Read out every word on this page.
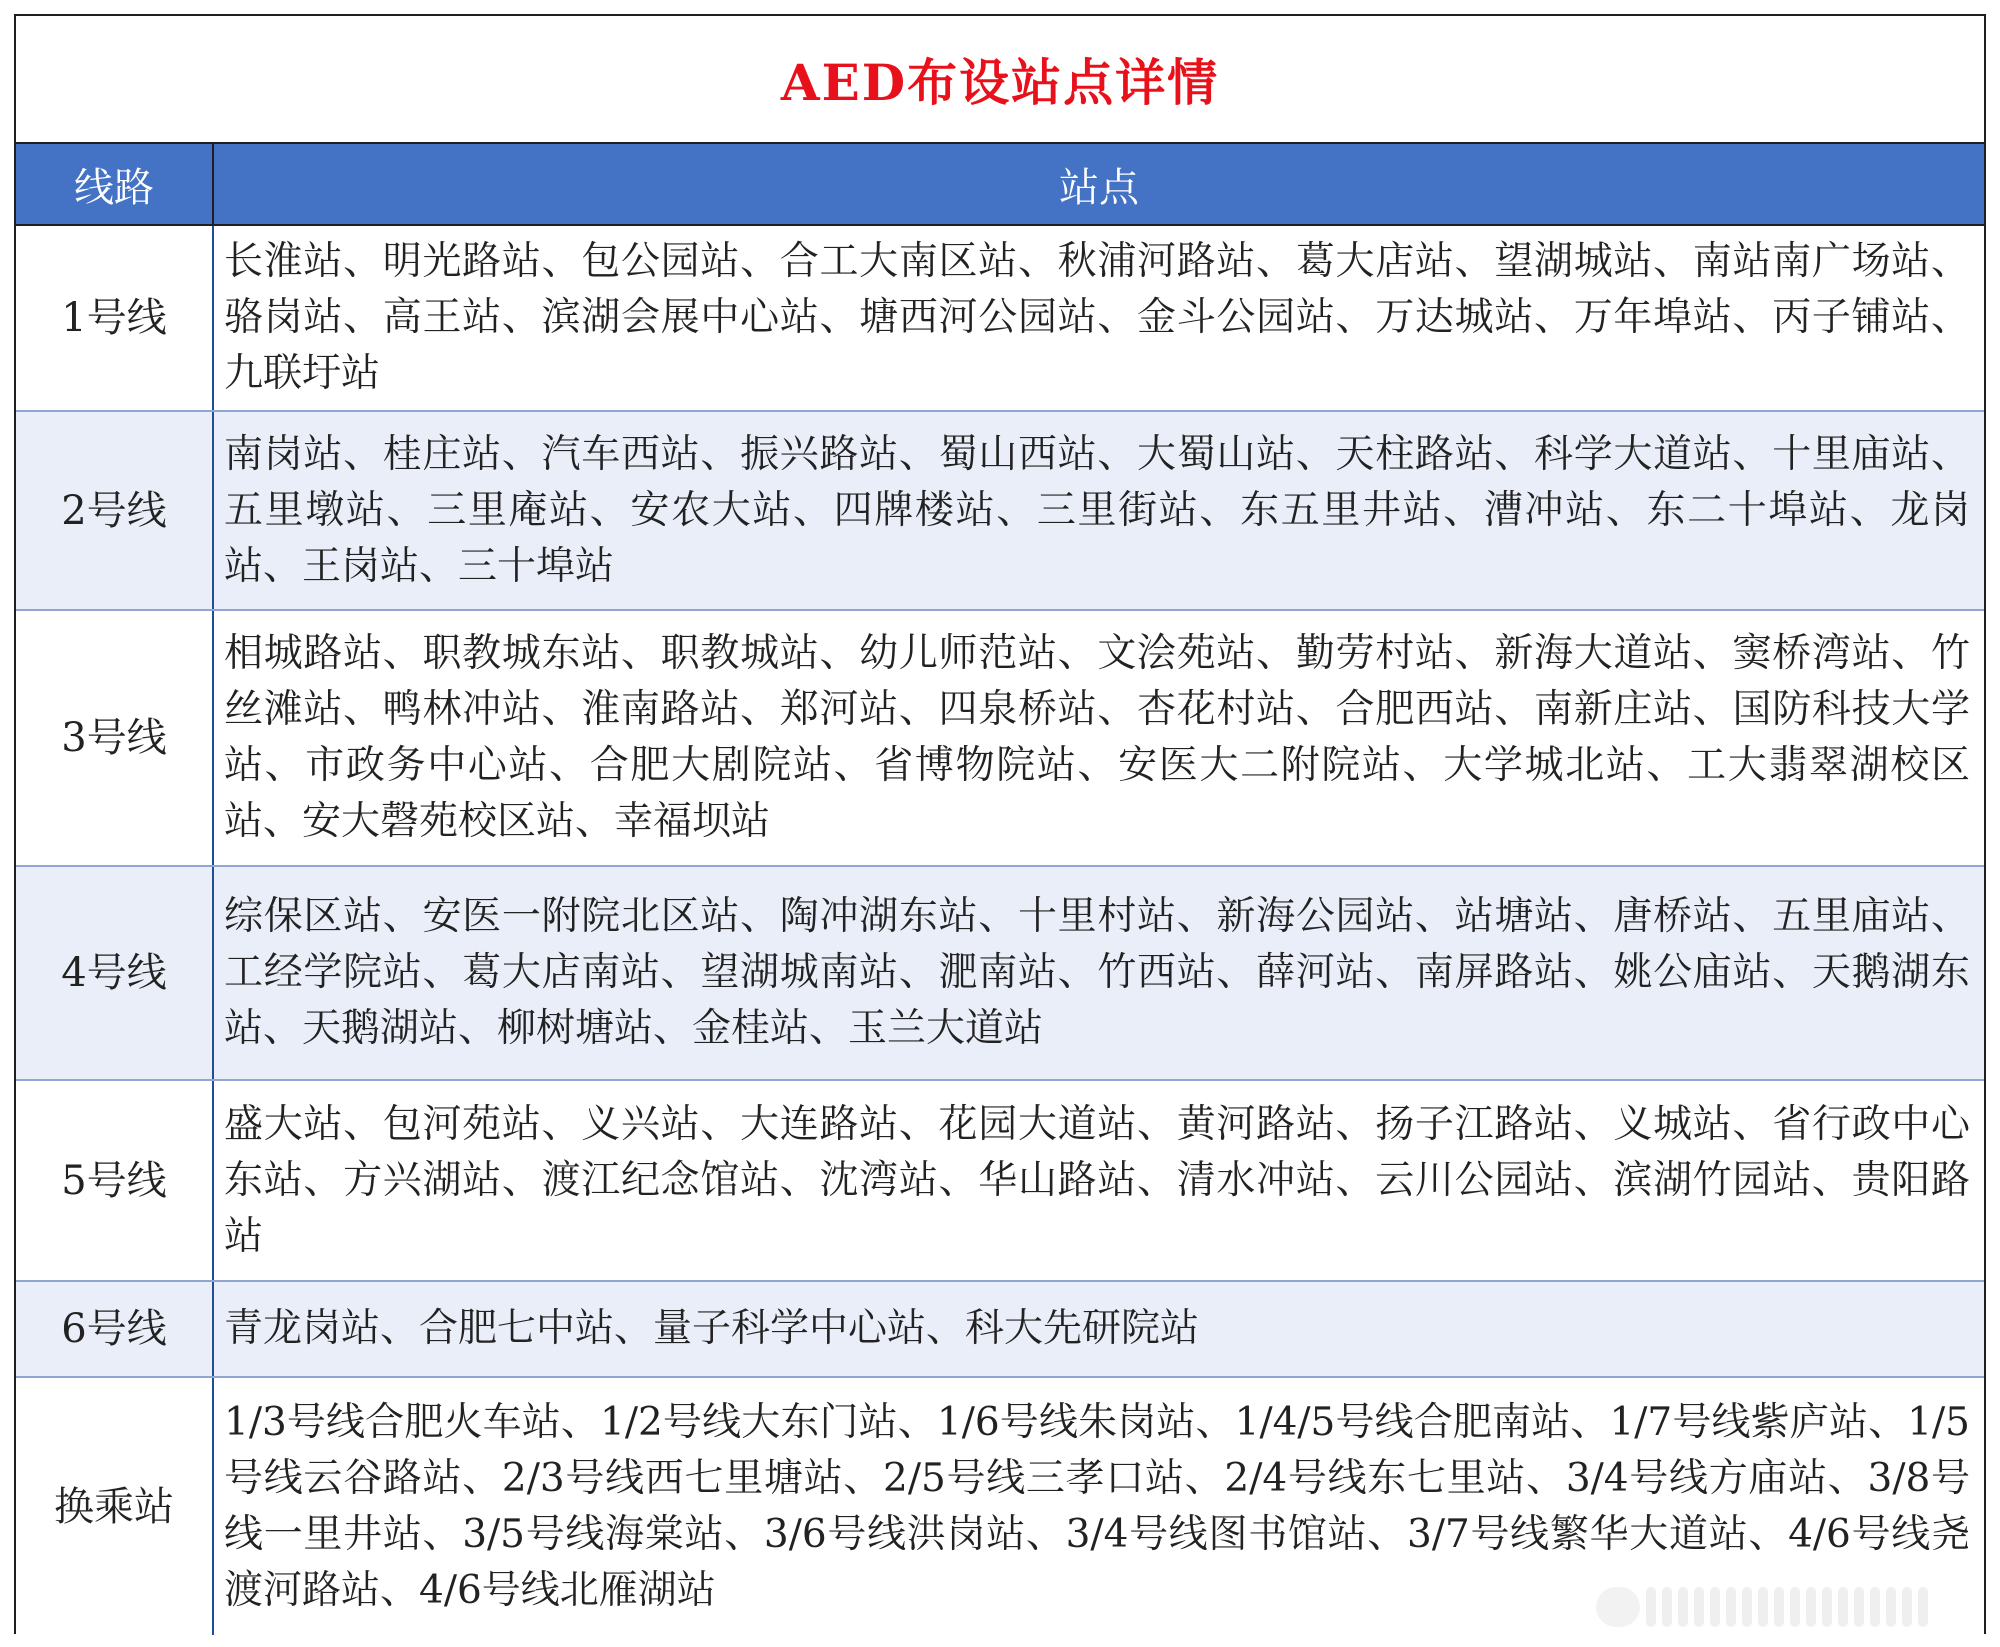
AED布设站点详情
线路	站点
1号线	长淮站、明光路站、包公园站、合工大南区站、秋浦河路站、葛大店站、望湖城站、南站南广场站、骆岗站、高王站、滨湖会展中心站、塘西河公园站、金斗公园站、万达城站、万年埠站、丙子铺站、九联圩站

2号线	南岗站、桂庄站、汽车西站、振兴路站、蜀山西站、大蜀山站、天柱路站、科学大道站、十里庙站、五里墩站、三里庵站、安农大站、四牌楼站、三里街站、东五里井站、漕冲站、东二十埠站、龙岗站、王岗站、三十埠站

3号线	相城路站、职教城东站、职教城站、幼儿师范站、文浍苑站、勤劳村站、新海大道站、窦桥湾站、竹丝滩站、鸭林冲站、淮南路站、郑河站、四泉桥站、杏花村站、合肥西站、南新庄站、国防科技大学站、市政务中心站、合肥大剧院站、省博物院站、安医大二附院站、大学城北站、工大翡翠湖校区站、安大磬苑校区站、幸福坝站

4号线	综保区站、安医一附院北区站、陶冲湖东站、十里村站、新海公园站、站塘站、唐桥站、五里庙站、工经学院站、葛大店南站、望湖城南站、淝南站、竹西站、薛河站、南屏路站、姚公庙站、天鹅湖东站、天鹅湖站、柳树塘站、金桂站、玉兰大道站

5号线	盛大站、包河苑站、义兴站、大连路站、花园大道站、黄河路站、扬子江路站、义城站、省行政中心东站、方兴湖站、渡江纪念馆站、沈湾站、华山路站、清水冲站、云川公园站、滨湖竹园站、贵阳路站

6号线	青龙岗站、合肥七中站、量子科学中心站、科大先研院站

换乘站	1/3号线合肥火车站、1/2号线大东门站、1/6号线朱岗站、1/4/5号线合肥南站、1/7号线紫庐站、1/5号线云谷路站、2/3号线西七里塘站、2/5号线三孝口站、2/4号线东七里站、3/4号线方庙站、3/8号线一里井站、3/5号线海棠站、3/6号线洪岗站、3/4号线图书馆站、3/7号线繁华大道站、4/6号线尧渡河路站、4/6号线北雁湖站
